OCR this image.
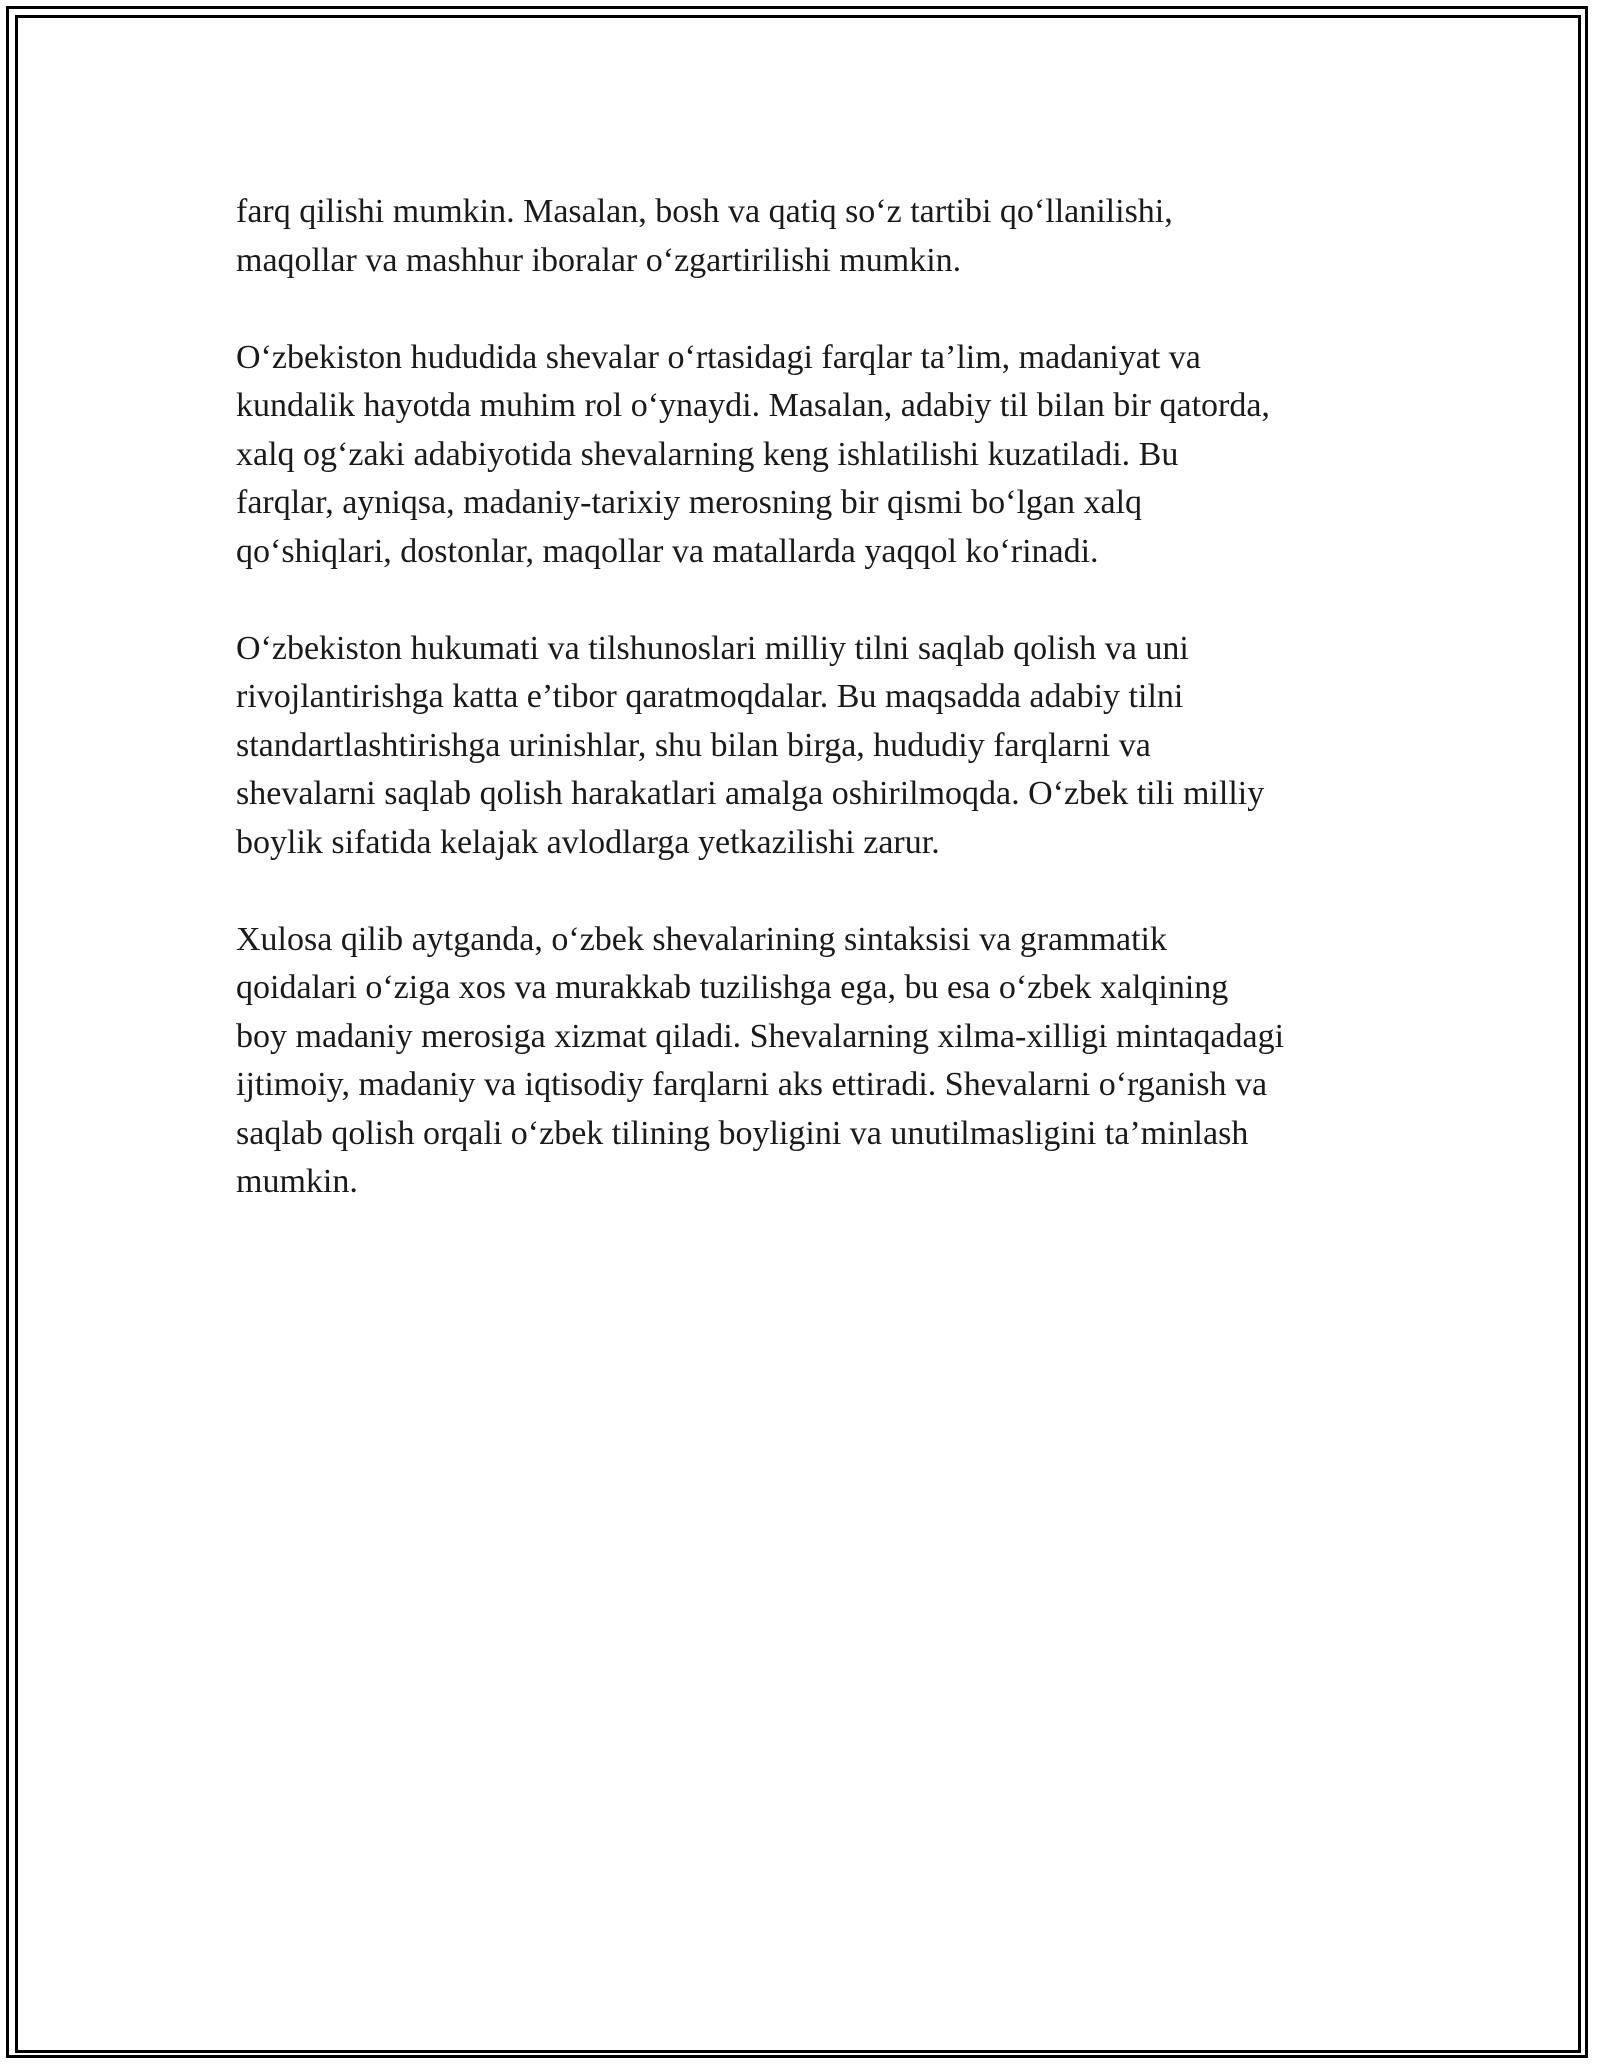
farq qilishi mumkin. Masalan, bosh va qatiq so‘z tartibi qo‘llanilishi,
maqollar va mashhur iboralar o‘zgartirilishi mumkin.

O‘zbekiston hududida shevalar o‘rtasidagi farqlar ta’lim, madaniyat va
kundalik hayotda muhim rol o‘ynaydi. Masalan, adabiy til bilan bir qatorda,
xalq og‘zaki adabiyotida shevalarning keng ishlatilishi kuzatiladi. Bu
farqlar, ayniqsa, madaniy-tarixiy merosning bir qismi bo‘lgan xalq
qo‘shiqlari, dostonlar, maqollar va matallarda yaqqol ko‘rinadi.

O‘zbekiston hukumati va tilshunoslari milliy tilni saqlab qolish va uni
rivojlantirishga katta e’tibor qaratmoqdalar. Bu maqsadda adabiy tilni
standartlashtirishga urinishlar, shu bilan birga, hududiy farqlarni va
shevalarni saqlab qolish harakatlari amalga oshirilmoqda. O‘zbek tili milliy
boylik sifatida kelajak avlodlarga yetkazilishi zarur.

Xulosa qilib aytganda, o‘zbek shevalarining sintaksisi va grammatik
qoidalari o‘ziga xos va murakkab tuzilishga ega, bu esa o‘zbek xalqining
boy madaniy merosiga xizmat qiladi. Shevalarning xilma-xilligi mintaqadagi
ijtimoiy, madaniy va iqtisodiy farqlarni aks ettiradi. Shevalarni o‘rganish va
saqlab qolish orqali o‘zbek tilining boyligini va unutilmasligini ta’minlash
mumkin.
